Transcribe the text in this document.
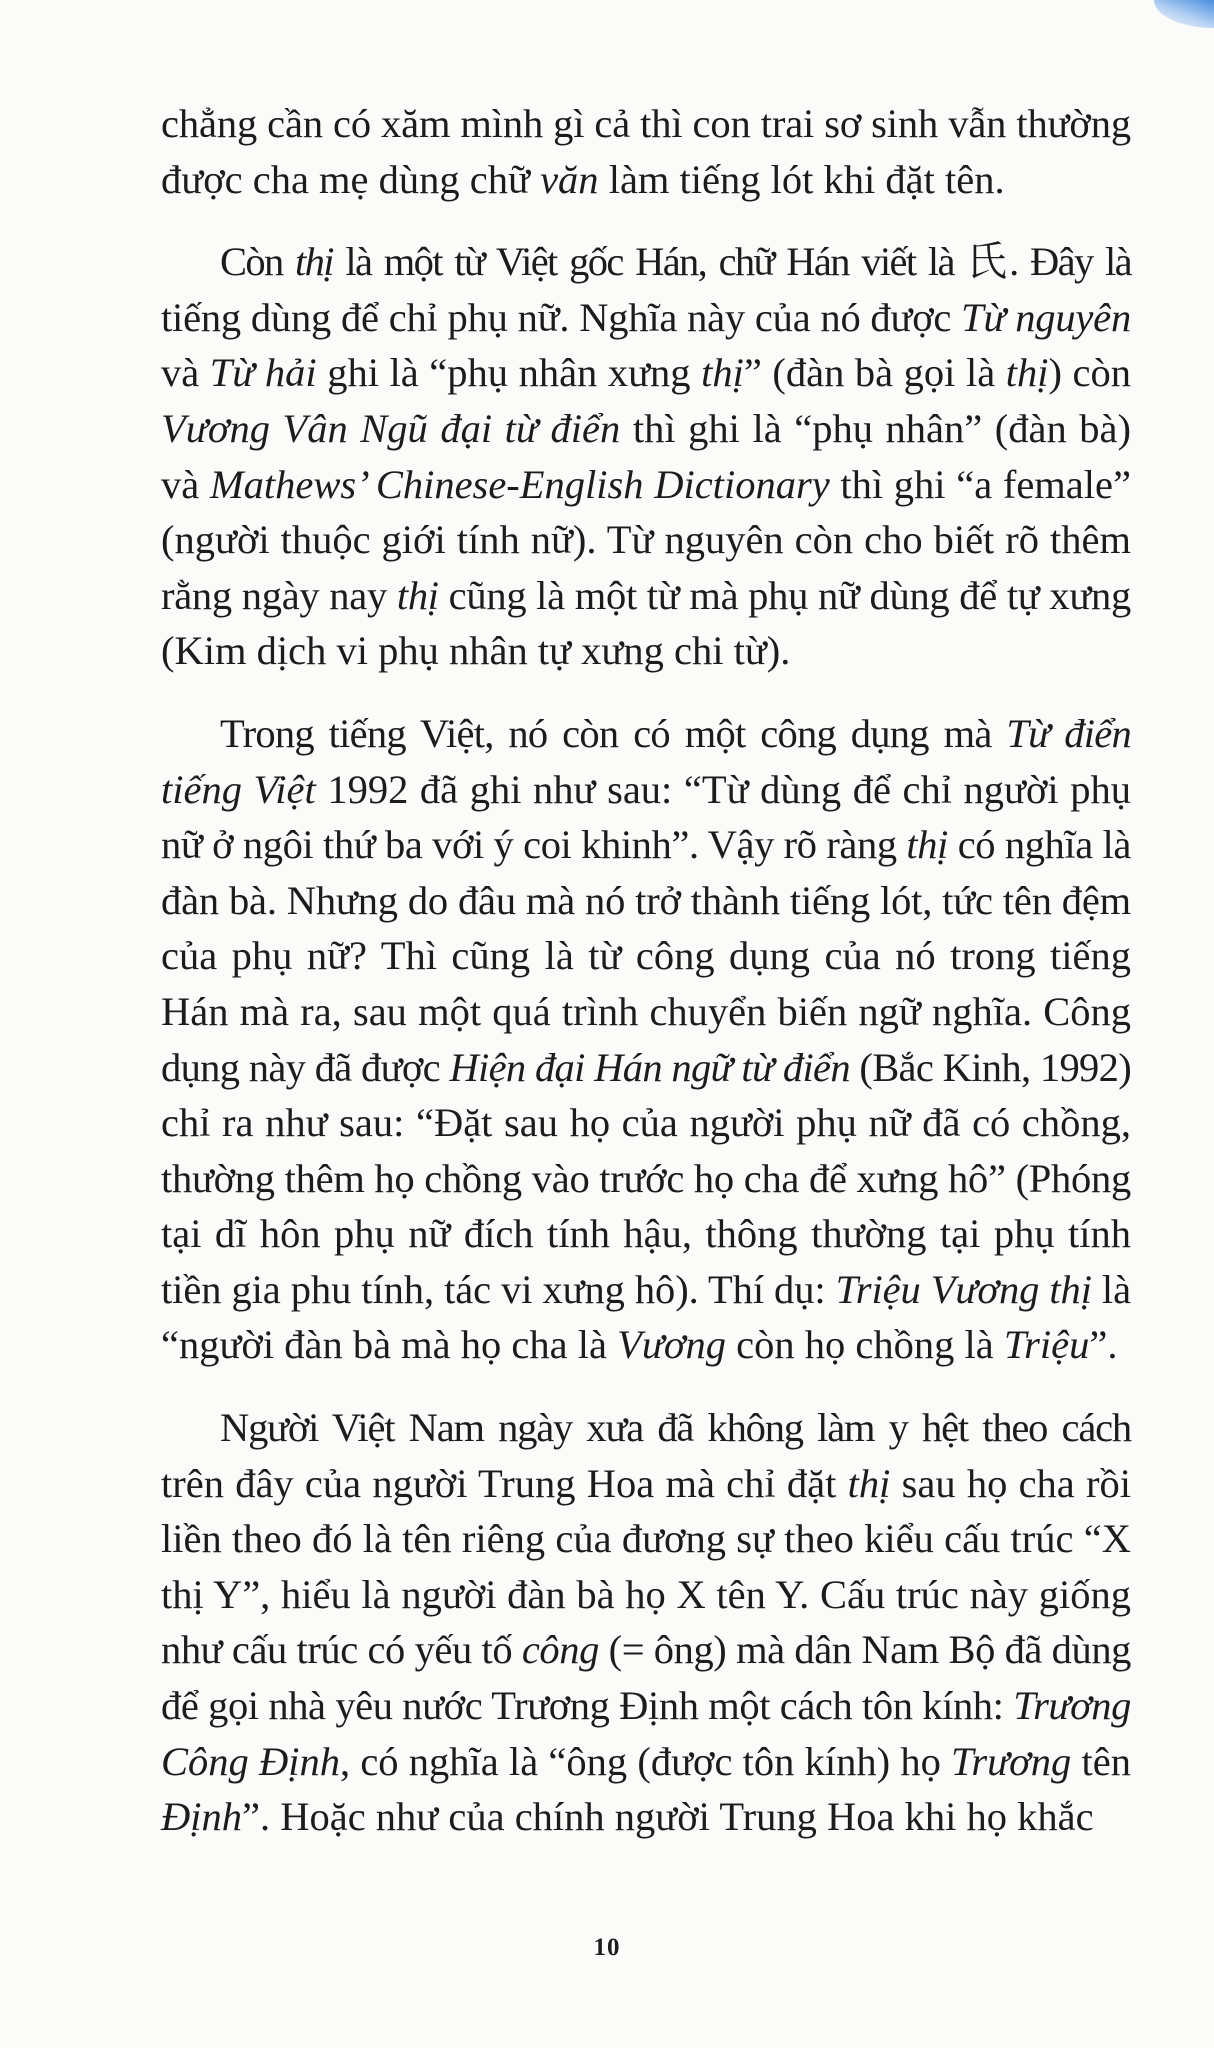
chẳng cần có xăm mình gì cả thì con trai sơ sinh vẫn thường
được cha mẹ dùng chữ văn làm tiếng lót khi đặt tên.
Còn thị là một từ Việt gốc Hán, chữ Hán viết là 氏. Đây là
tiếng dùng để chỉ phụ nữ. Nghĩa này của nó được Từ nguyên
và Từ hải ghi là “phụ nhân xưng thị” (đàn bà gọi là thị) còn
Vương Vân Ngũ đại từ điển thì ghi là “phụ nhân” (đàn bà)
và Mathews’ Chinese-English Dictionary thì ghi “a female”
(người thuộc giới tính nữ). Từ nguyên còn cho biết rõ thêm
rằng ngày nay thị cũng là một từ mà phụ nữ dùng để tự xưng
(Kim dịch vi phụ nhân tự xưng chi từ).
Trong tiếng Việt, nó còn có một công dụng mà Từ điển
tiếng Việt 1992 đã ghi như sau: “Từ dùng để chỉ người phụ
nữ ở ngôi thứ ba với ý coi khinh”. Vậy rõ ràng thị có nghĩa là
đàn bà. Nhưng do đâu mà nó trở thành tiếng lót, tức tên đệm
của phụ nữ? Thì cũng là từ công dụng của nó trong tiếng
Hán mà ra, sau một quá trình chuyển biến ngữ nghĩa. Công
dụng này đã được Hiện đại Hán ngữ từ điển (Bắc Kinh, 1992)
chỉ ra như sau: “Đặt sau họ của người phụ nữ đã có chồng,
thường thêm họ chồng vào trước họ cha để xưng hô” (Phóng
tại dĩ hôn phụ nữ đích tính hậu, thông thường tại phụ tính
tiền gia phu tính, tác vi xưng hô). Thí dụ: Triệu Vương thị là
“người đàn bà mà họ cha là Vương còn họ chồng là Triệu”.
Người Việt Nam ngày xưa đã không làm y hệt theo cách
trên đây của người Trung Hoa mà chỉ đặt thị sau họ cha rồi
liền theo đó là tên riêng của đương sự theo kiểu cấu trúc “X
thị Y”, hiểu là người đàn bà họ X tên Y. Cấu trúc này giống
như cấu trúc có yếu tố công (= ông) mà dân Nam Bộ đã dùng
để gọi nhà yêu nước Trương Định một cách tôn kính: Trương
Công Định, có nghĩa là “ông (được tôn kính) họ Trương tên
Định”. Hoặc như của chính người Trung Hoa khi họ khắc
10
